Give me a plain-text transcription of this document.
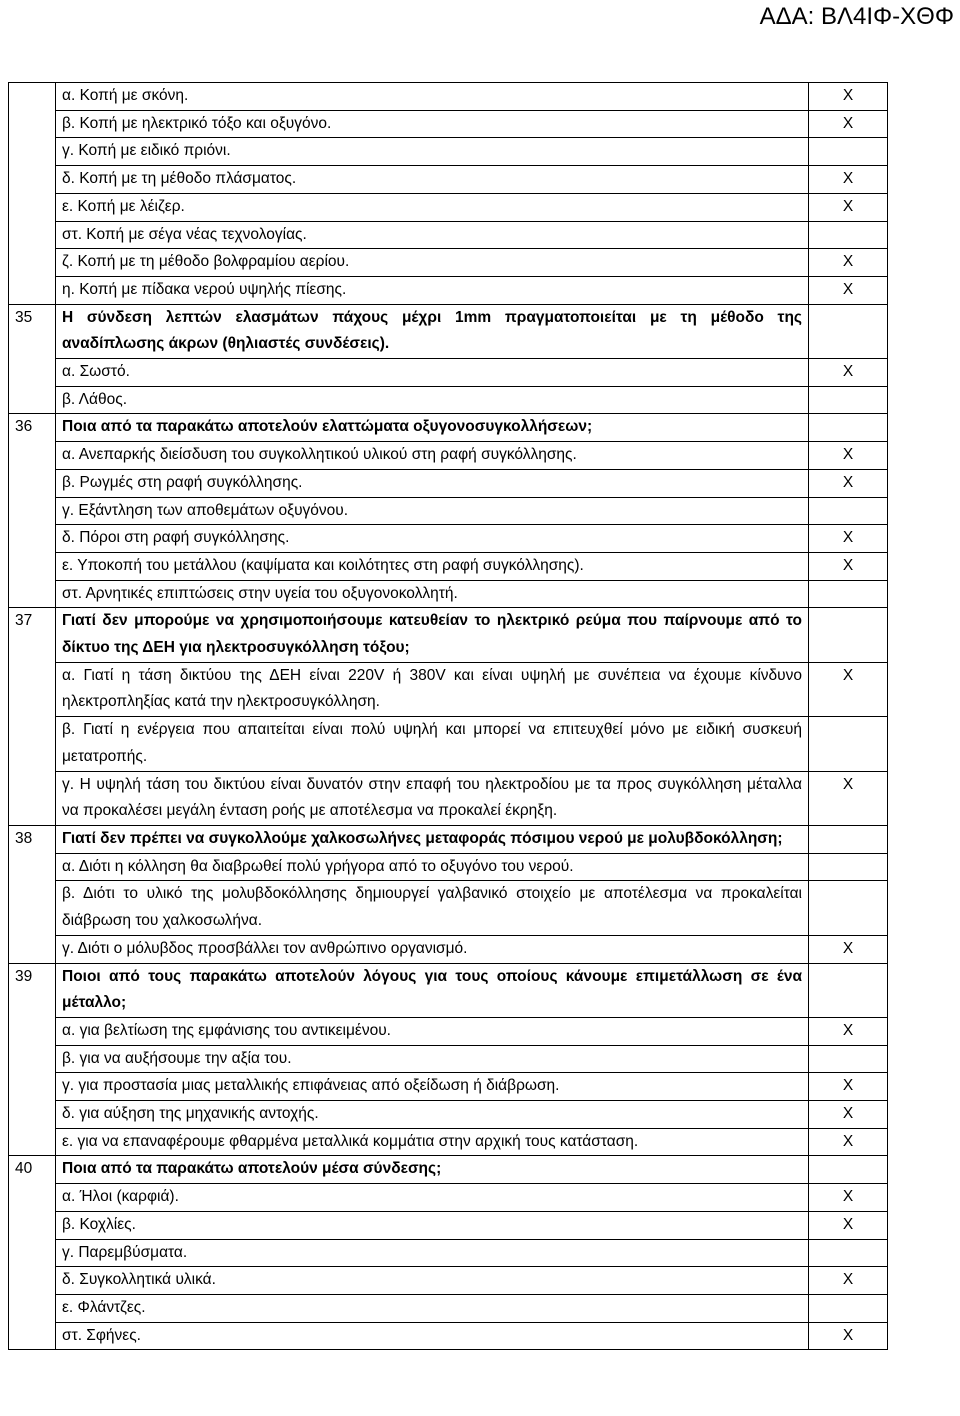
ΑΔΑ: ΒΛ4ΙΦ-ΧΘΦ
	α. Κοπή με σκόνη.	X
	β. Κοπή με ηλεκτρικό τόξο και οξυγόνο.	X
	γ. Κοπή με ειδικό πριόνι.	
	δ. Κοπή με τη μέθοδο πλάσματος.	X
	ε. Κοπή με λέιζερ.	X
	στ. Κοπή με σέγα νέας τεχνολογίας.	
	ζ. Κοπή με τη μέθοδο βολφραμίου αερίου.	X
	η. Κοπή με πίδακα νερού υψηλής πίεσης.	X
35	Η σύνδεση λεπτών ελασμάτων πάχους μέχρι 1mm πραγματοποιείται με τη μέθοδο της αναδίπλωσης άκρων (θηλιαστές συνδέσεις).	
	α. Σωστό.	X
	β. Λάθος.	
36	Ποια από τα παρακάτω αποτελούν ελαττώματα οξυγονοσυγκολλήσεων;	
	α. Ανεπαρκής διείσδυση του συγκολλητικού υλικού στη ραφή συγκόλλησης.	X
	β. Ρωγμές στη ραφή συγκόλλησης.	X
	γ. Εξάντληση των αποθεμάτων οξυγόνου.	
	δ. Πόροι στη ραφή συγκόλλησης.	X
	ε. Υποκοπή του μετάλλου (καψίματα και κοιλότητες στη ραφή συγκόλλησης).	X
	στ. Αρνητικές επιπτώσεις στην υγεία του οξυγονοκολλητή.	
37	Γιατί δεν μπορούμε να χρησιμοποιήσουμε κατευθείαν το ηλεκτρικό ρεύμα που παίρνουμε από το δίκτυο της ΔΕΗ για ηλεκτροσυγκόλληση τόξου;	
	α. Γιατί η τάση δικτύου της ΔΕΗ είναι 220V ή 380V και είναι υψηλή με συνέπεια να έχουμε κίνδυνο ηλεκτροπληξίας κατά την ηλεκτροσυγκόλληση.	X
	β. Γιατί η ενέργεια που απαιτείται είναι πολύ υψηλή και μπορεί να επιτευχθεί μόνο με ειδική συσκευή μετατροπής.	
	γ. Η υψηλή τάση του δικτύου είναι δυνατόν στην επαφή του ηλεκτροδίου με τα προς συγκόλληση μέταλλα να προκαλέσει μεγάλη ένταση ροής με αποτέλεσμα να προκαλεί έκρηξη.	X
38	Γιατί δεν πρέπει να συγκολλούμε χαλκοσωλήνες μεταφοράς πόσιμου νερού με μολυβδοκόλληση;	
	α. Διότι η κόλληση θα διαβρωθεί πολύ γρήγορα από το οξυγόνο του νερού.	
	β. Διότι το υλικό της μολυβδοκόλλησης δημιουργεί γαλβανικό στοιχείο με αποτέλεσμα να προκαλείται διάβρωση του χαλκοσωλήνα.	
	γ. Διότι ο μόλυβδος προσβάλλει τον ανθρώπινο οργανισμό.	X
39	Ποιοι από τους παρακάτω αποτελούν λόγους για τους οποίους κάνουμε επιμετάλλωση σε ένα μέταλλο;	
	α. για βελτίωση της εμφάνισης του αντικειμένου.	X
	β. για να αυξήσουμε την αξία του.	
	γ. για προστασία μιας μεταλλικής επιφάνειας από οξείδωση ή διάβρωση.	X
	δ. για αύξηση της μηχανικής αντοχής.	X
	ε. για να επαναφέρουμε φθαρμένα μεταλλικά κομμάτια στην αρχική τους κατάσταση.	X
40	Ποια από τα παρακάτω αποτελούν μέσα σύνδεσης;	
	α. Ήλοι (καρφιά).	X
	β. Κοχλίες.	X
	γ. Παρεμβύσματα.	
	δ. Συγκολλητικά υλικά.	X
	ε. Φλάντζες.	
	στ. Σφήνες.	X
